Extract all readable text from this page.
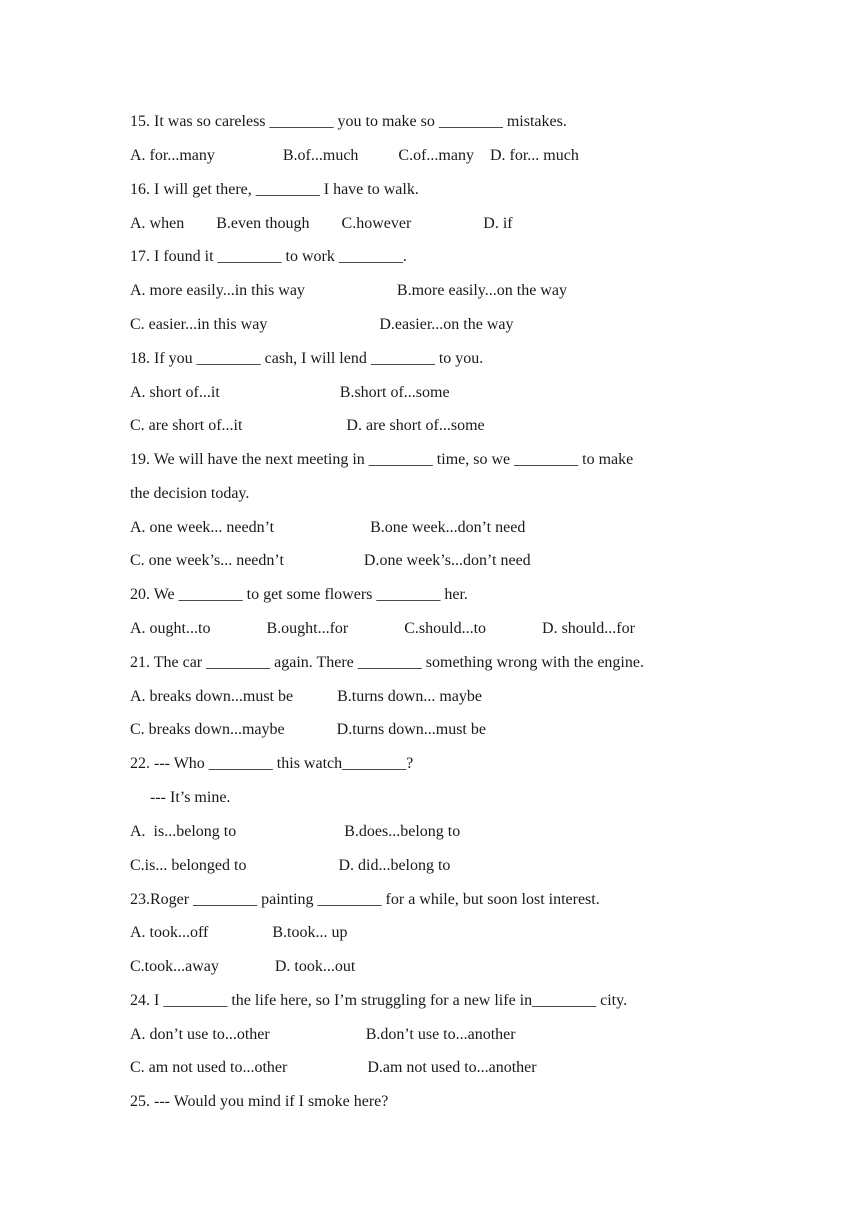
15. It was so careless ________ you to make so ________ mistakes.
A. for...many                 B.of...much          C.of...many    D. for... much
16. I will get there, ________ I have to walk.
A. when        B.even though        C.however                  D. if
17. I found it ________ to work ________.
A. more easily...in this way                       B.more easily...on the way
C. easier...in this way                            D.easier...on the way
18. If you ________ cash, I will lend ________ to you.
A. short of...it                              B.short of...some
C. are short of...it                          D. are short of...some
19. We will have the next meeting in ________ time, so we ________ to make
the decision today.
A. one week... needn’t                        B.one week...don’t need
C. one week’s... needn’t                    D.one week’s...don’t need
20. We ________ to get some flowers ________ her.
A. ought...to              B.ought...for              C.should...to              D. should...for
21. The car ________ again. There ________ something wrong with the engine.
A. breaks down...must be           B.turns down... maybe
C. breaks down...maybe             D.turns down...must be
22. --- Who ________ this watch________?
--- It’s mine.
A.  is...belong to                           B.does...belong to
C.is... belonged to                       D. did...belong to
23.Roger ________ painting ________ for a while, but soon lost interest.
A. took...off                B.took... up
C.took...away              D. took...out
24. I ________ the life here, so I’m struggling for a new life in________ city.
A. don’t use to...other                        B.don’t use to...another
C. am not used to...other                    D.am not used to...another
25. --- Would you mind if I smoke here?
